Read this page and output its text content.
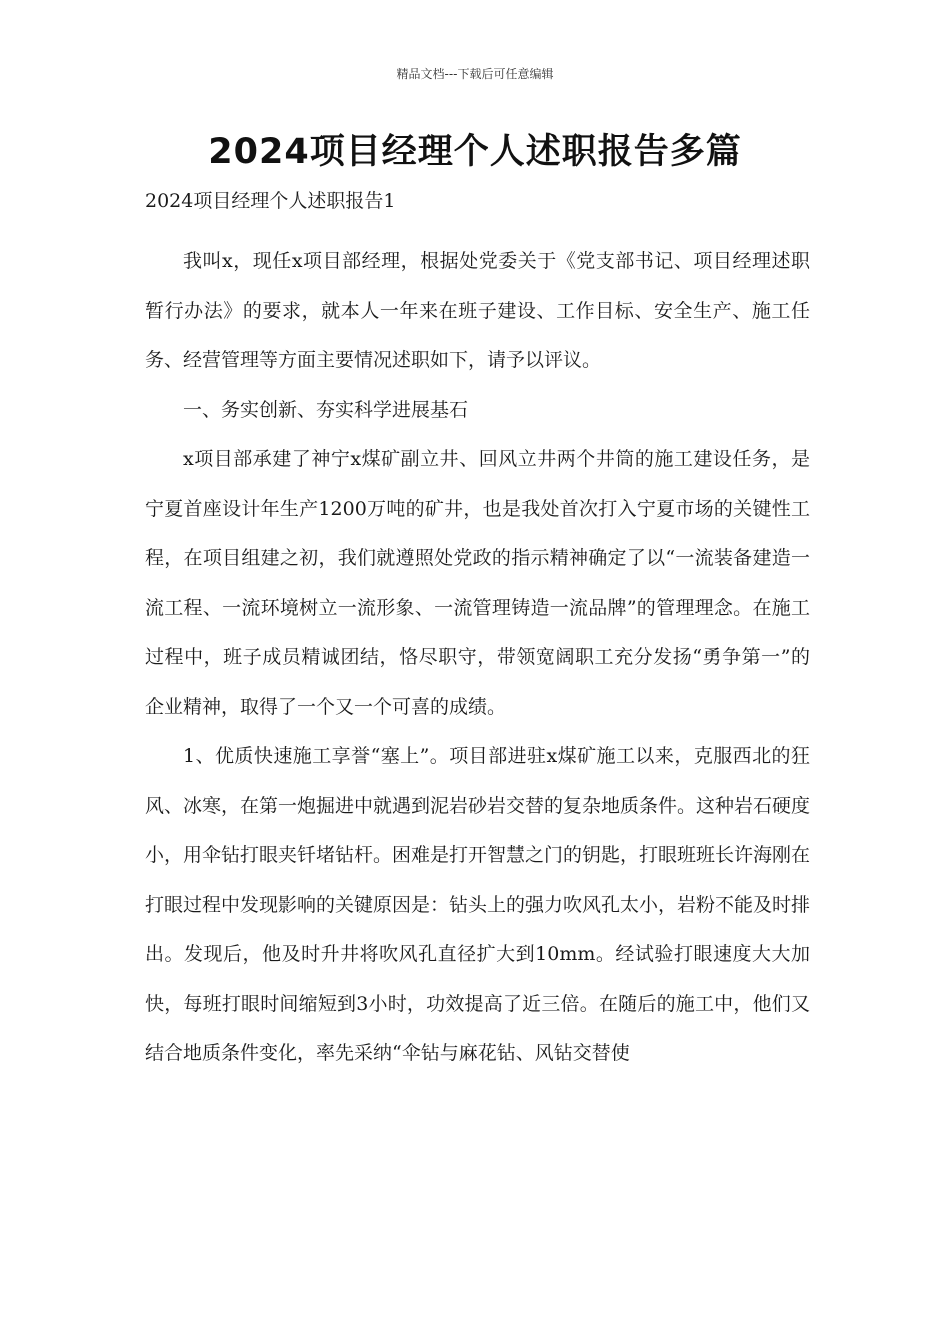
精品文档---下载后可任意编辑
2024项目经理个人述职报告多篇
2024项目经理个人述职报告1

我叫x，现任x项目部经理，根据处党委关于《党支部书记、项目经理述职暂行办法》的要求，就本人一年来在班子建设、工作目标、安全生产、施工任务、经营管理等方面主要情况述职如下，请予以评议。

一、务实创新、夯实科学进展基石

x项目部承建了神宁x煤矿副立井、回风立井两个井筒的施工建设任务，是宁夏首座设计年生产1200万吨的矿井，也是我处首次打入宁夏市场的关键性工程，在项目组建之初，我们就遵照处党政的指示精神确定了以“一流装备建造一流工程、一流环境树立一流形象、一流管理铸造一流品牌”的管理理念。在施工过程中，班子成员精诚团结，恪尽职守，带领宽阔职工充分发扬“勇争第一”的企业精神，取得了一个又一个可喜的成绩。

1、优质快速施工享誉“塞上”。项目部进驻x煤矿施工以来，克服西北的狂风、冰寒，在第一炮掘进中就遇到泥岩砂岩交替的复杂地质条件。这种岩石硬度小，用伞钻打眼夹钎堵钻杆。困难是打开智慧之门的钥匙，打眼班班长许海刚在打眼过程中发现影响的关键原因是：钻头上的强力吹风孔太小，岩粉不能及时排出。发现后，他及时升井将吹风孔直径扩大到10mm。经试验打眼速度大大加快，每班打眼时间缩短到3小时，功效提高了近三倍。在随后的施工中，他们又结合地质条件变化，率先采纳“伞钻与麻花钻、风钻交替使
